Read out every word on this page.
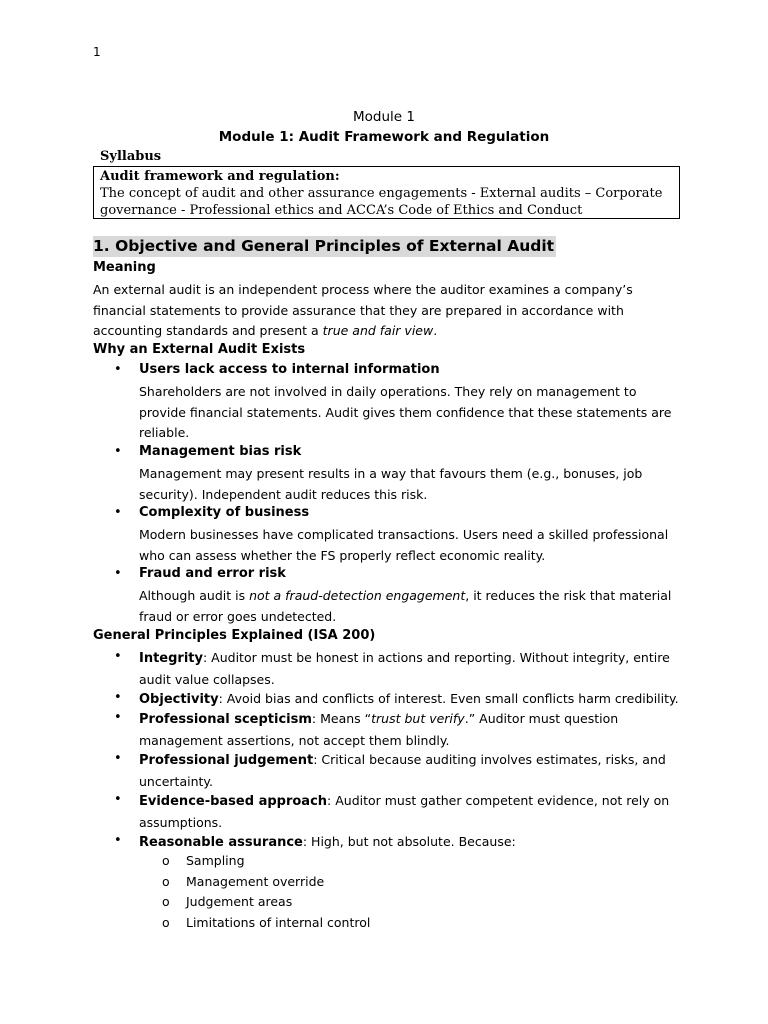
1
Module 1
Module 1: Audit Framework and Regulation
Syllabus
Audit framework and regulation:
The concept of audit and other assurance engagements - External audits – Corporate
governance - Professional ethics and ACCA’s Code of Ethics and Conduct
1. Objective and General Principles of External Audit
Meaning
An external audit is an independent process where the auditor examines a company’s
financial statements to provide assurance that they are prepared in accordance with
accounting standards and present a true and fair view.
Why an External Audit Exists
• Users lack access to internal information
Shareholders are not involved in daily operations. They rely on management to
provide financial statements. Audit gives them confidence that these statements are
reliable.
• Management bias risk
Management may present results in a way that favours them (e.g., bonuses, job
security). Independent audit reduces this risk.
• Complexity of business
Modern businesses have complicated transactions. Users need a skilled professional
who can assess whether the FS properly reflect economic reality.
• Fraud and error risk
Although audit is not a fraud-detection engagement, it reduces the risk that material
fraud or error goes undetected.
General Principles Explained (ISA 200)
• Integrity: Auditor must be honest in actions and reporting. Without integrity, entire
audit value collapses.
• Objectivity: Avoid bias and conflicts of interest. Even small conflicts harm credibility.
• Professional scepticism: Means “trust but verify.” Auditor must question
management assertions, not accept them blindly.
• Professional judgement: Critical because auditing involves estimates, risks, and
uncertainty.
• Evidence-based approach: Auditor must gather competent evidence, not rely on
assumptions.
• Reasonable assurance: High, but not absolute. Because:
o Sampling
o Management override
o Judgement areas
o Limitations of internal control
